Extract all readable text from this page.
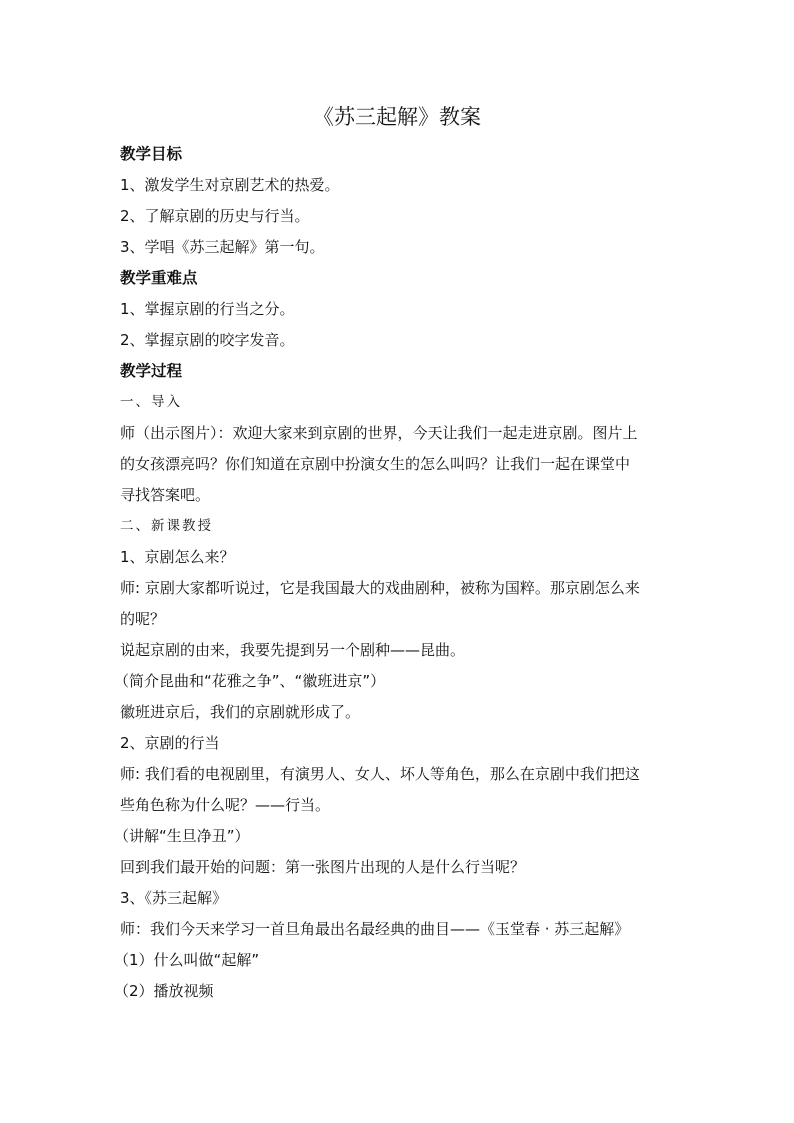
《苏三起解》教案

教学目标

1、激发学生对京剧艺术的热爱。

2、了解京剧的历史与行当。

3、学唱《苏三起解》第一句。

教学重难点

1、掌握京剧的行当之分。

2、掌握京剧的咬字发音。

教学过程

一、导入

师（出示图片）：欢迎大家来到京剧的世界，今天让我们一起走进京剧。图片上

的女孩漂亮吗？你们知道在京剧中扮演女生的怎么叫吗？让我们一起在课堂中

寻找答案吧。

二、新课教授

1、京剧怎么来？

师: 京剧大家都听说过，它是我国最大的戏曲剧种，被称为国粹。那京剧怎么来

的呢？

说起京剧的由来，我要先提到另一个剧种——昆曲。

（简介昆曲和“花雅之争”、“徽班进京”）

徽班进京后，我们的京剧就形成了。

2、京剧的行当

师: 我们看的电视剧里，有演男人、女人、坏人等角色，那么在京剧中我们把这

些角色称为什么呢？——行当。

（讲解“生旦净丑”）

回到我们最开始的问题：第一张图片出现的人是什么行当呢？

3、《苏三起解》

师：我们今天来学习一首旦角最出名最经典的曲目——《玉堂春 · 苏三起解》

（1）什么叫做“起解”

（2）播放视频
